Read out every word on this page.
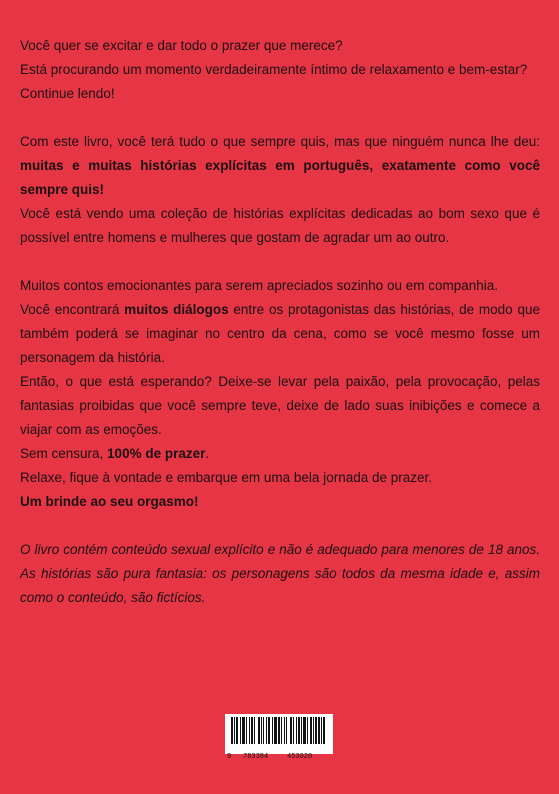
Você quer se excitar e dar todo o prazer que merece?

Está procurando um momento verdadeiramente íntimo de relaxamento e bem-estar?

Continue lendo!

Com este livro, você terá tudo o que sempre quis, mas que ninguém nunca lhe deu: muitas e muitas histórias explícitas em português, exatamente como você sempre quis!

Você está vendo uma coleção de histórias explícitas dedicadas ao bom sexo que é possível entre homens e mulheres que gostam de agradar um ao outro.

Muitos contos emocionantes para serem apreciados sozinho ou em companhia.

Você encontrará muitos diálogos entre os protagonistas das histórias, de modo que também poderá se imaginar no centro da cena, como se você mesmo fosse um personagem da história.

Então, o que está esperando? Deixe-se levar pela paixão, pela provocação, pelas fantasias proibidas que você sempre teve, deixe de lado suas inibições e comece a viajar com as emoções.

Sem censura, 100% de prazer.

Relaxe, fique à vontade e embarque em uma bela jornada de prazer.

Um brinde ao seu orgasmo!

O livro contém conteúdo sexual explícito e não é adequado para menores de 18 anos. As histórias são pura fantasia: os personagens são todos da mesma idade e, assim como o conteúdo, são fictícios.

9 783384	453020
